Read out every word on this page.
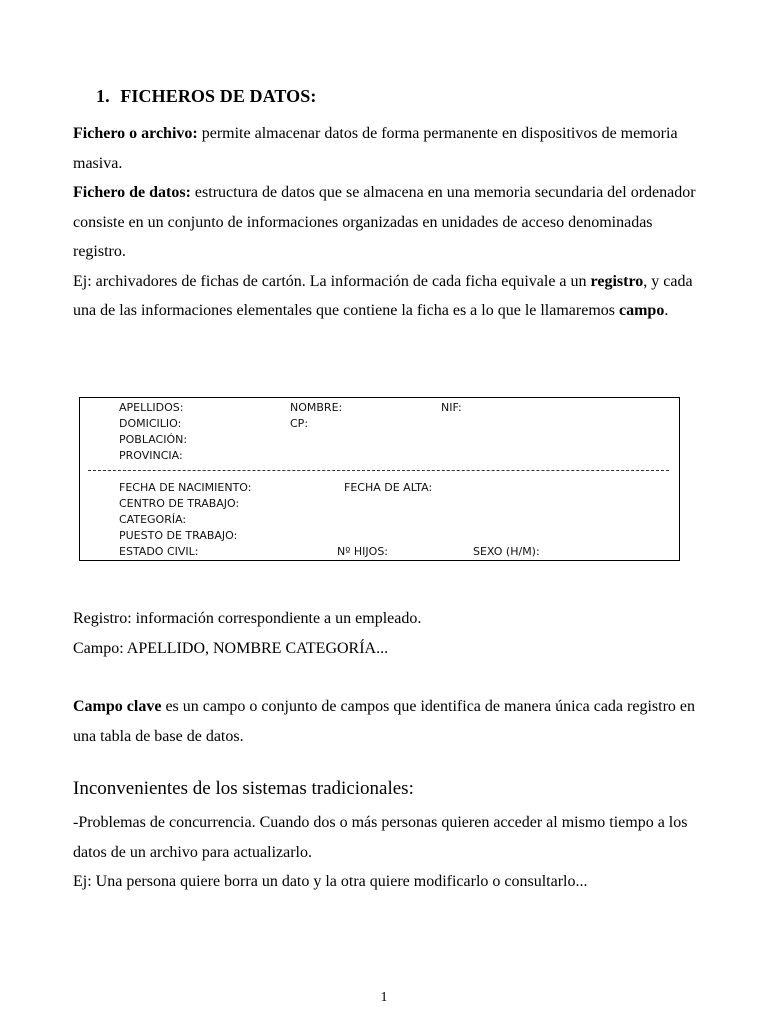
1. FICHEROS DE DATOS:
Fichero o archivo: permite almacenar datos de forma permanente en dispositivos de memoria masiva.
Fichero de datos: estructura de datos que se almacena en una memoria secundaria del ordenador consiste en un conjunto de informaciones organizadas en unidades de acceso denominadas registro.
Ej: archivadores de fichas de cartón. La información de cada ficha equivale a un registro, y cada una de las informaciones elementales que contiene la ficha es a lo que le llamaremos campo.
APELLIDOS:	NOMBRE:	NIF:
DOMICILIO:	CP:
POBLACIÓN:
PROVINCIA:
FECHA DE NACIMIENTO:	FECHA DE ALTA:
CENTRO DE TRABAJO:
CATEGORÍA:
PUESTO DE TRABAJO:
ESTADO CIVIL:	Nº HIJOS:	SEXO (H/M):
Registro: información correspondiente a un empleado.
Campo: APELLIDO, NOMBRE CATEGORÍA...
Campo clave es un campo o conjunto de campos que identifica de manera única cada registro en una tabla de base de datos.
Inconvenientes de los sistemas tradicionales:
-Problemas de concurrencia. Cuando dos o más personas quieren acceder al mismo tiempo a los datos de un archivo para actualizarlo.
Ej: Una persona quiere borra un dato y la otra quiere modificarlo o consultarlo...
1
